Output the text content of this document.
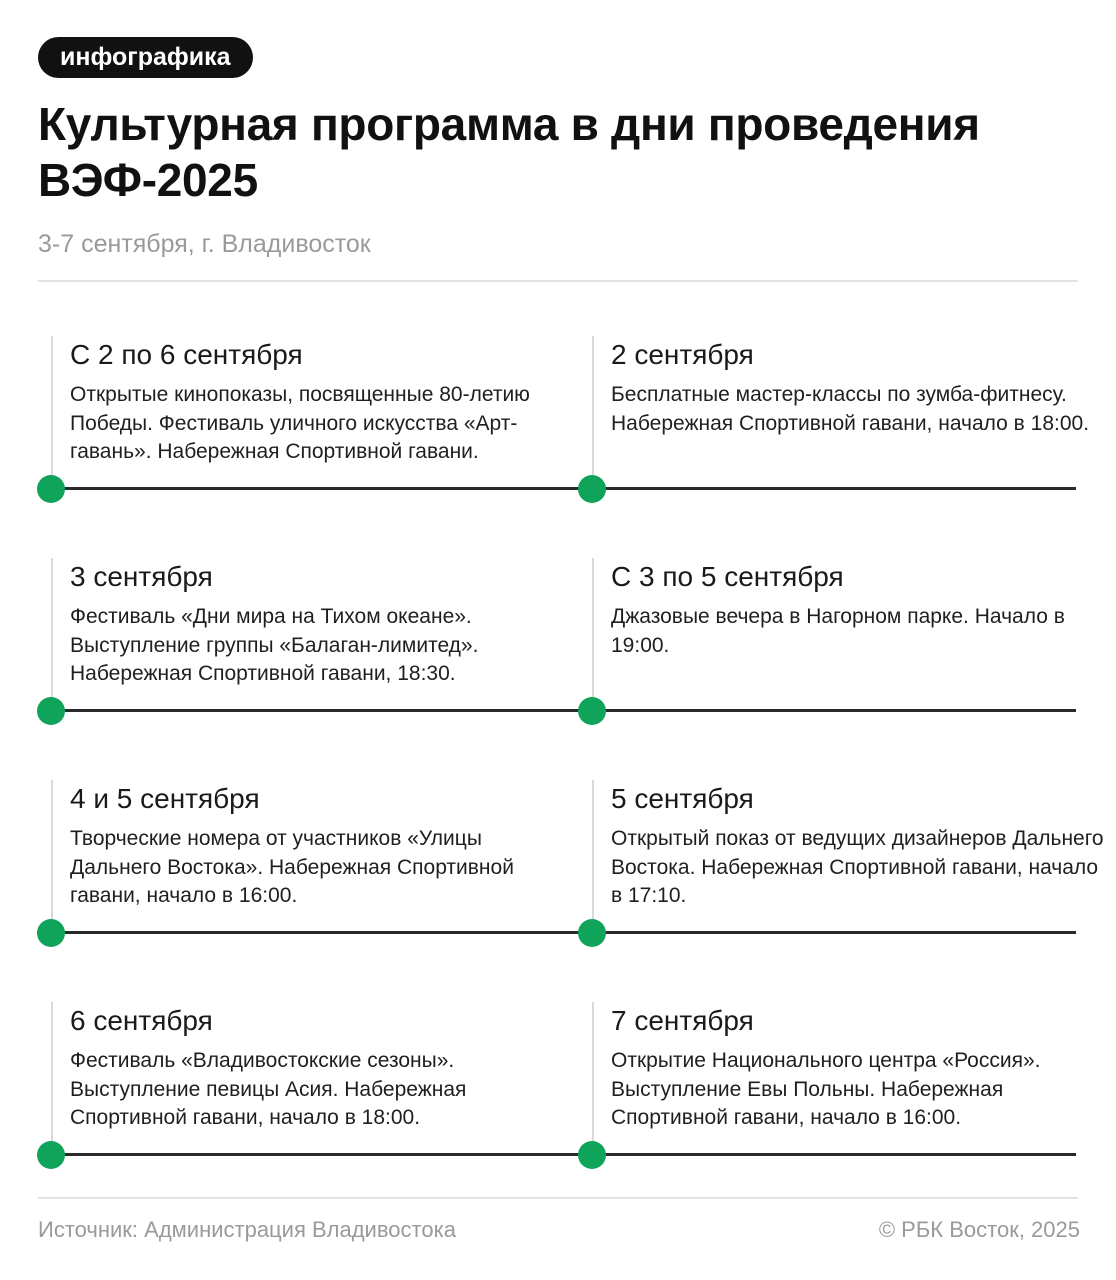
инфографика
Культурная программа в дни проведения ВЭФ-2025
3-7 сентября, г. Владивосток
С 2 по 6 сентября
Открытые кинопоказы, посвященные 80-летию Победы. Фестиваль уличного искусства «Арт-гавань». Набережная Спортивной гавани.
2 сентября
Бесплатные мастер-классы по зумба-фитнесу. Набережная Спортивной гавани, начало в 18:00.
3 сентября
Фестиваль «Дни мира на Тихом океане». Выступление группы «Балаган-лимитед». Набережная Спортивной гавани, 18:30.
С 3 по 5 сентября
Джазовые вечера в Нагорном парке. Начало в 19:00.
4 и 5 сентября
Творческие номера от участников «Улицы Дальнего Востока». Набережная Спортивной гавани, начало в 16:00.
5 сентября
Открытый показ от ведущих дизайнеров Дальнего Востока. Набережная Спортивной гавани, начало в 17:10.
6 сентября
Фестиваль «Владивостокские сезоны». Выступление певицы Асия. Набережная Спортивной гавани, начало в 18:00.
7 сентября
Открытие Национального центра «Россия». Выступление Евы Польны. Набережная Спортивной гавани, начало в 16:00.
Источник: Администрация Владивостока	© РБК Восток, 2025
